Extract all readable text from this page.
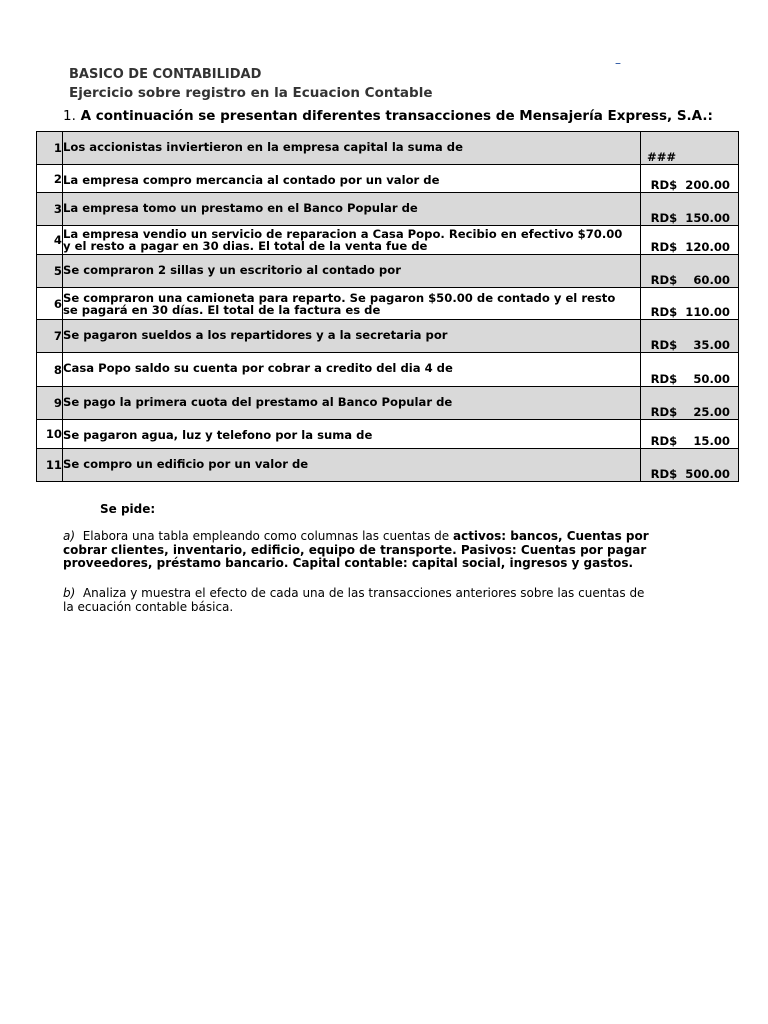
BASICO DE CONTABILIDAD
Ejercicio sobre registro en la Ecuacion Contable
–
1. A continuación se presentan diferentes transacciones de Mensajería Express, S.A.:
1	Los accionistas inviertieron en la empresa capital la suma de	###
2	La empresa compro mercancia al contado por un valor de	RD$  200.00
3	La empresa tomo un prestamo en el Banco Popular de	RD$  150.00
4	La empresa vendio un servicio de reparacion a Casa Popo. Recibio en efectivo $70.00
y el resto a pagar en 30 dias. El total de la venta fue de	RD$  120.00
5	Se compraron 2 sillas y un escritorio al contado por	RD$    60.00
6	Se compraron una camioneta para reparto. Se pagaron $50.00 de contado y el resto
se pagará en 30 días. El total de la factura es de	RD$  110.00
7	Se pagaron sueldos a los repartidores y a la secretaria por	RD$    35.00
8	Casa Popo saldo su cuenta por cobrar a credito del dia 4 de	RD$    50.00
9	Se pago la primera cuota del prestamo al Banco Popular de	RD$    25.00
10	Se pagaron agua, luz y telefono por la suma de	RD$    15.00
11	Se compro un edificio por un valor de	RD$  500.00
Se pide:
a) Elabora una tabla empleando como columnas las cuentas de activos: bancos, Cuentas por cobrar clientes, inventario, edificio, equipo de transporte. Pasivos: Cuentas por pagar proveedores, préstamo bancario. Capital contable: capital social, ingresos y gastos.
b) Analiza y muestra el efecto de cada una de las transacciones anteriores sobre las cuentas de la ecuación contable básica.
